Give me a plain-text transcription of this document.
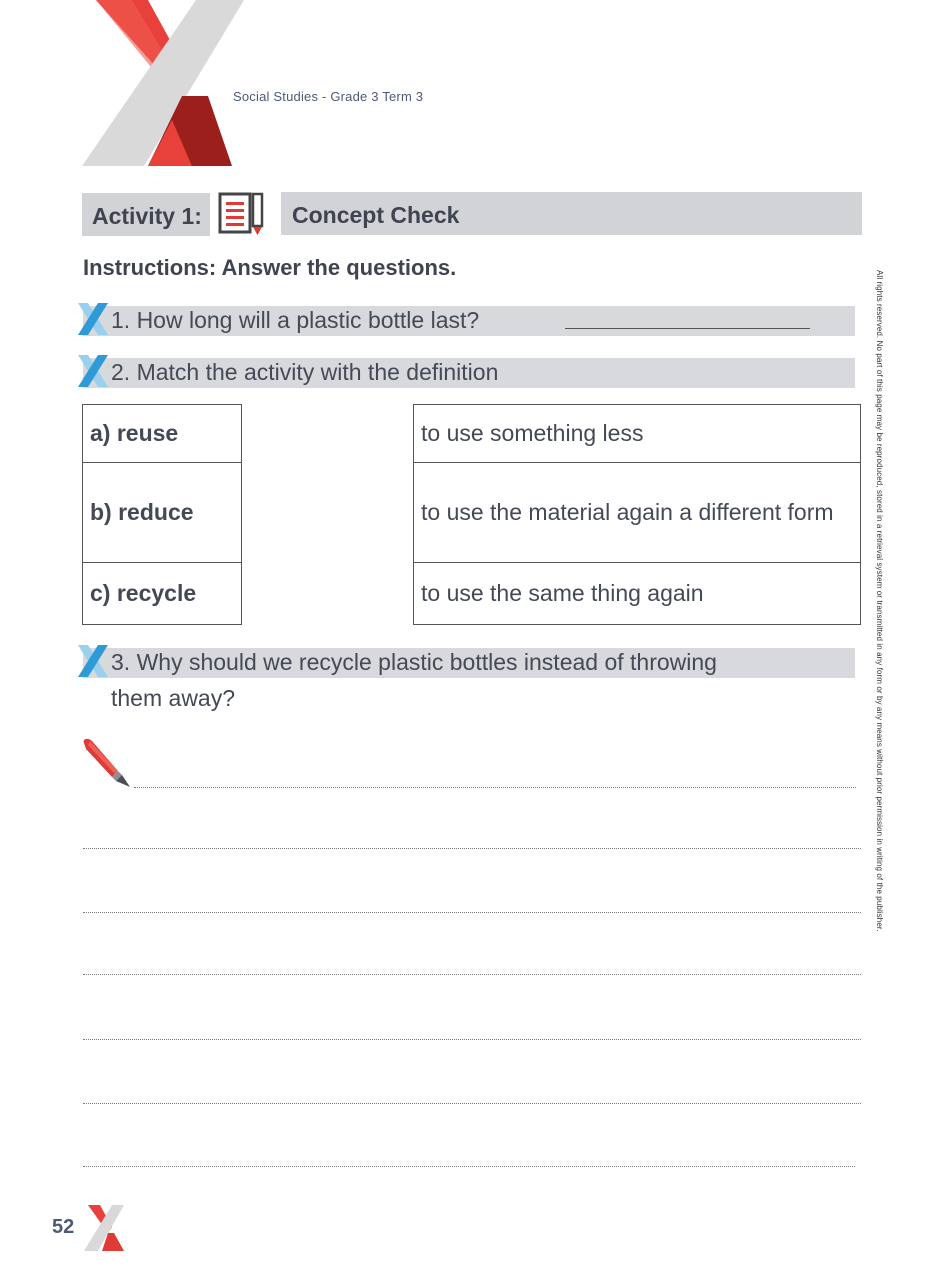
Social Studies - Grade 3 Term 3
Activity 1:	Concept Check
Instructions: Answer the questions.
1. How long will a plastic bottle last?
2. Match the activity with the definition
a)
reuse
b)
reduce
c)
recycle
to use something less
to use the material again a different form
to use the same thing again
3. Why should we recycle plastic bottles instead of throwing
them away?	All rights reserved. No part of this page may be reproduced, stored in a retrieval system or transmitted in any form or by any means without prior permission in writing of the publisher.
52
